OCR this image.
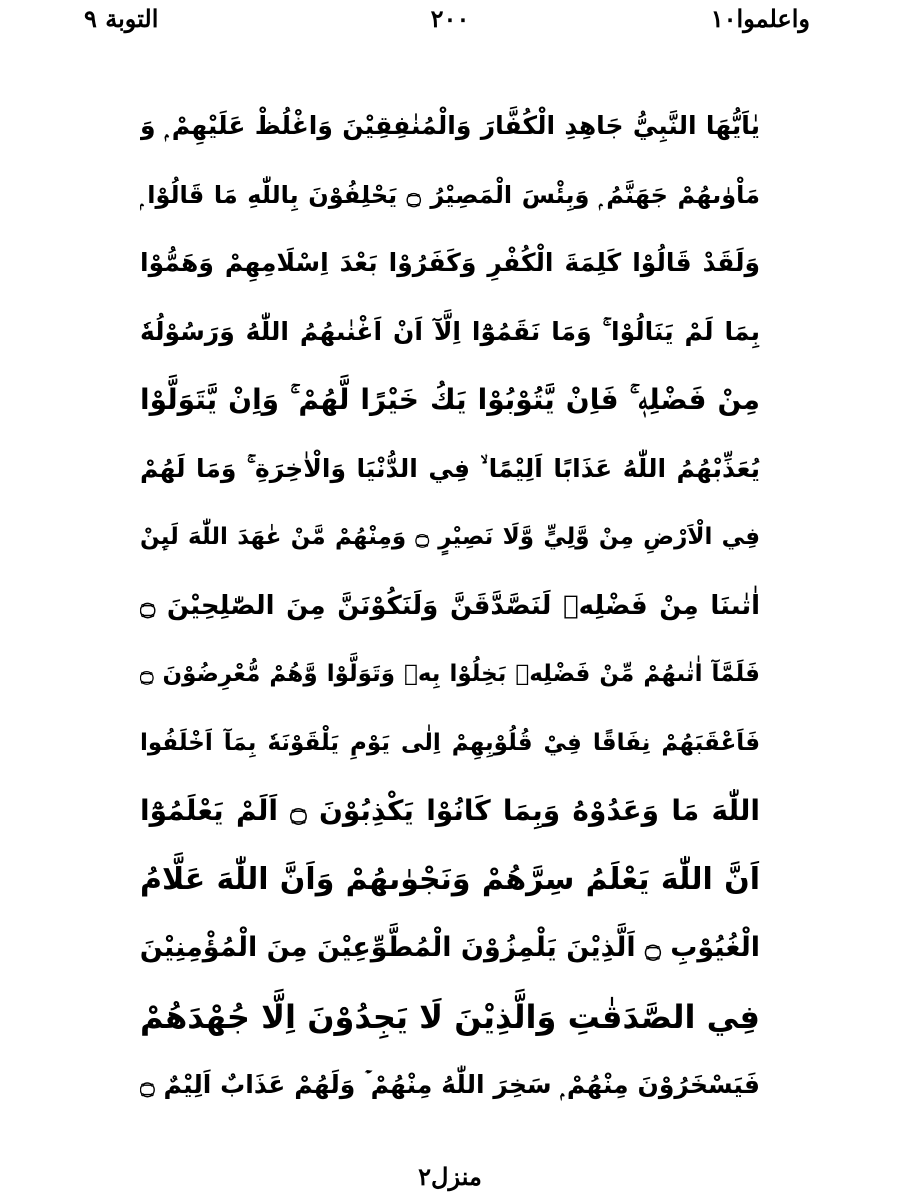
واعلموا١٠
٢٠٠
التوبة ٩
يٰاَيُّهَا النَّبِيُّ جَاهِدِ الْكُفَّارَ وَالْمُنٰفِقِيْنَ وَاغْلُظْ عَلَيْهِمْ ۭ وَ
مَاْوٰىهُمْ جَهَنَّمُ ۭ وَبِئْسَ الْمَصِيْرُ ۝ يَحْلِفُوْنَ بِاللّٰهِ مَا قَالُوْا ۭ
وَلَقَدْ قَالُوْا كَلِمَةَ الْكُفْرِ وَكَفَرُوْا بَعْدَ اِسْلَامِهِمْ وَهَمُّوْا
بِمَا لَمْ يَنَالُوْا ۚ وَمَا نَقَمُوْٓا اِلَّآ اَنْ اَغْنٰىهُمُ اللّٰهُ وَرَسُوْلُهٗ
مِنْ فَضْلِهٖ ۚ فَاِنْ يَّتُوْبُوْا يَكُ خَيْرًا لَّهُمْ ۚ وَاِنْ يَّتَوَلَّوْا
يُعَذِّبْهُمُ اللّٰهُ عَذَابًا اَلِيْمًا ۙ فِي الدُّنْيَا وَالْاٰخِرَةِ ۚ وَمَا لَهُمْ
فِي الْاَرْضِ مِنْ وَّلِيٍّ وَّلَا نَصِيْرٍ ۝ وَمِنْهُمْ مَّنْ عٰهَدَ اللّٰهَ لَىِٕنْ
اٰتٰىنَا مِنْ فَضْلِهٖ لَنَصَّدَّقَنَّ وَلَنَكُوْنَنَّ مِنَ الصّٰلِحِيْنَ ۝
فَلَمَّآ اٰتٰىهُمْ مِّنْ فَضْلِهٖ بَخِلُوْا بِهٖ وَتَوَلَّوْا وَّهُمْ مُّعْرِضُوْنَ ۝
فَاَعْقَبَهُمْ نِفَاقًا فِيْ قُلُوْبِهِمْ اِلٰى يَوْمِ يَلْقَوْنَهٗ بِمَآ اَخْلَفُوا
اللّٰهَ مَا وَعَدُوْهُ وَبِمَا كَانُوْا يَكْذِبُوْنَ ۝ اَلَمْ يَعْلَمُوْٓا
اَنَّ اللّٰهَ يَعْلَمُ سِرَّهُمْ وَنَجْوٰىهُمْ وَاَنَّ اللّٰهَ عَلَّامُ
الْغُيُوْبِ ۝ اَلَّذِيْنَ يَلْمِزُوْنَ الْمُطَّوِّعِيْنَ مِنَ الْمُؤْمِنِيْنَ
فِي الصَّدَقٰتِ وَالَّذِيْنَ لَا يَجِدُوْنَ اِلَّا جُهْدَهُمْ
فَيَسْخَرُوْنَ مِنْهُمْ ۭ سَخِرَ اللّٰهُ مِنْهُمْ ۡ وَلَهُمْ عَذَابٌ اَلِيْمٌ ۝
منزل٢
